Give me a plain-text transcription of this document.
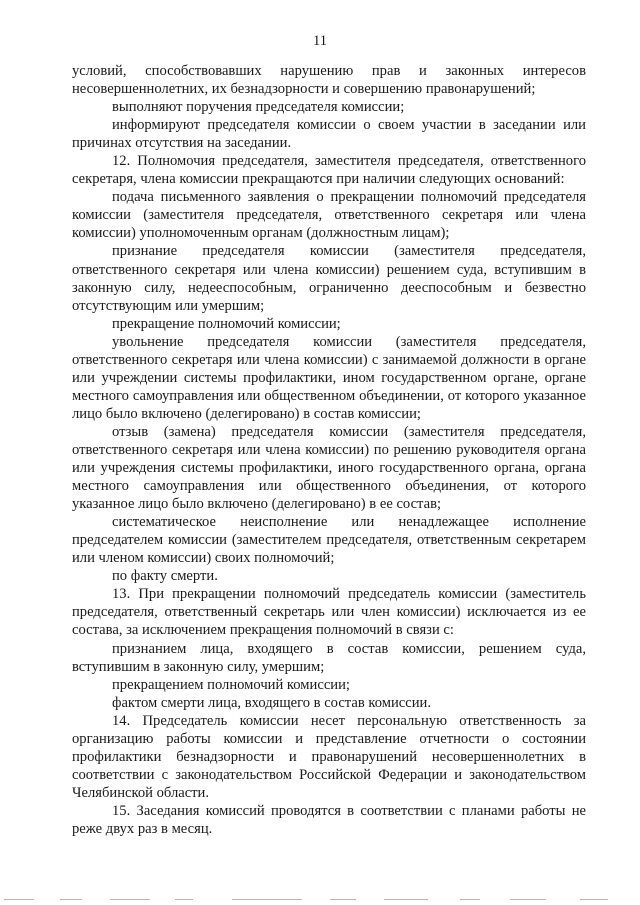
11

условий, способствовавших нарушению прав и законных интересов несовершеннолетних, их безнадзорности и совершению правонарушений;

выполняют поручения председателя комиссии;

информируют председателя комиссии о своем участии в заседании или причинах отсутствия на заседании.

12. Полномочия председателя, заместителя председателя, ответственного секретаря, члена комиссии прекращаются при наличии следующих оснований:

подача письменного заявления о прекращении полномочий председателя комиссии (заместителя председателя, ответственного секретаря или члена комиссии) уполномоченным органам (должностным лицам);

признание председателя комиссии (заместителя председателя, ответственного секретаря или члена комиссии) решением суда, вступившим в законную силу, недееспособным, ограниченно дееспособным и безвестно отсутствующим или умершим;

прекращение полномочий комиссии;

увольнение председателя комиссии (заместителя председателя, ответственного секретаря или члена комиссии) с занимаемой должности в органе или учреждении системы профилактики, ином государственном органе, органе местного самоуправления или общественном объединении, от которого указанное лицо было включено (делегировано) в состав комиссии;

отзыв (замена) председателя комиссии (заместителя председателя, ответственного секретаря или члена комиссии) по решению руководителя органа или учреждения системы профилактики, иного государственного органа, органа местного самоуправления или общественного объединения, от которого указанное лицо было включено (делегировано) в ее состав;

систематическое неисполнение или ненадлежащее исполнение председателем комиссии (заместителем председателя, ответственным секретарем или членом комиссии) своих полномочий;

по факту смерти.

13. При прекращении полномочий председатель комиссии (заместитель председателя, ответственный секретарь или член комиссии) исключается из ее состава, за исключением прекращения полномочий в связи с:

признанием лица, входящего в состав комиссии, решением суда, вступившим в законную силу, умершим;

прекращением полномочий комиссии;

фактом смерти лица, входящего в состав комиссии.

14. Председатель комиссии несет персональную ответственность за организацию работы комиссии и представление отчетности о состоянии профилактики безнадзорности и правонарушений несовершеннолетних в соответствии с законодательством Российской Федерации и законодательством Челябинской области.

15. Заседания комиссий проводятся в соответствии с планами работы не реже двух раз в месяц.
